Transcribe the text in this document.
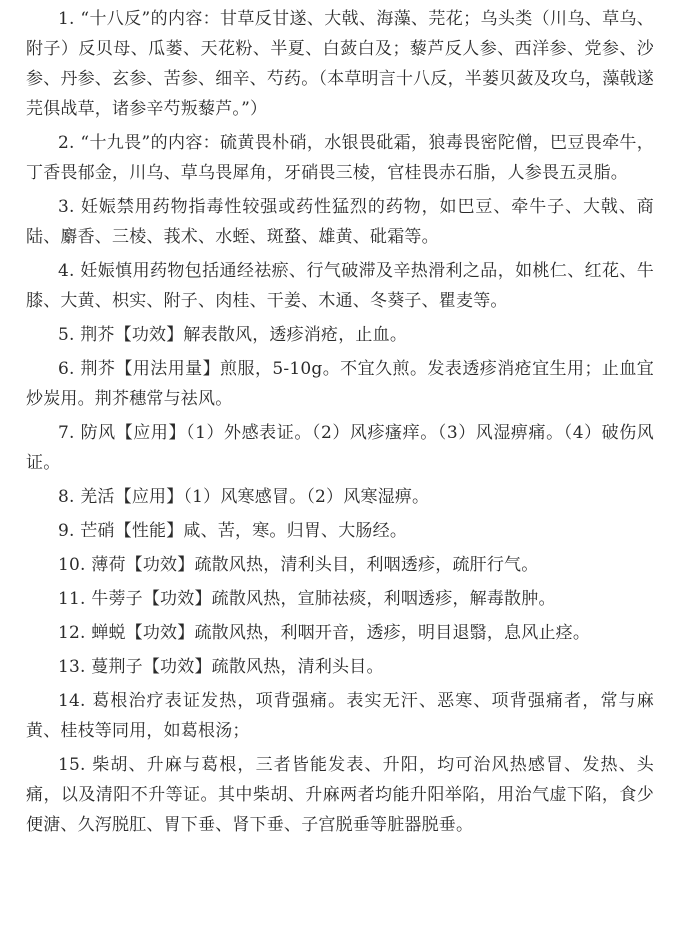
1. “十八反”的内容：甘草反甘遂、大戟、海藻、芫花；乌头类（川乌、草乌、附子）反贝母、瓜蒌、天花粉、半夏、白蔹白及；藜芦反人参、西洋参、党参、沙参、丹参、玄参、苦参、细辛、芍药。（本草明言十八反，半蒌贝蔹及攻乌，藻戟遂芫俱战草，诸参辛芍叛藜芦。”）

2. “十九畏”的内容：硫黄畏朴硝，水银畏砒霜，狼毒畏密陀僧，巴豆畏牵牛，丁香畏郁金，川乌、草乌畏犀角，牙硝畏三棱，官桂畏赤石脂，人参畏五灵脂。

3. 妊娠禁用药物指毒性较强或药性猛烈的药物，如巴豆、牵牛子、大戟、商陆、麝香、三棱、莪术、水蛭、斑蝥、雄黄、砒霜等。

4. 妊娠慎用药物包括通经祛瘀、行气破滞及辛热滑利之品，如桃仁、红花、牛膝、大黄、枳实、附子、肉桂、干姜、木通、冬葵子、瞿麦等。

5. 荆芥【功效】解表散风，透疹消疮，止血。

6. 荆芥【用法用量】煎服，5-10g。不宜久煎。发表透疹消疮宜生用；止血宜炒炭用。荆芥穗常与祛风。

7. 防风【应用】（1）外感表证。（2）风疹瘙痒。（3）风湿痹痛。（4）破伤风证。

8. 羌活【应用】（1）风寒感冒。（2）风寒湿痹。

9. 芒硝【性能】咸、苦，寒。归胃、大肠经。

10. 薄荷【功效】疏散风热，清利头目，利咽透疹，疏肝行气。

11. 牛蒡子【功效】疏散风热，宣肺祛痰，利咽透疹，解毒散肿。

12. 蝉蜕【功效】疏散风热，利咽开音，透疹，明目退翳，息风止痉。

13. 蔓荆子【功效】疏散风热，清利头目。

14. 葛根治疗表证发热，项背强痛。表实无汗、恶寒、项背强痛者，常与麻黄、桂枝等同用，如葛根汤；

15. 柴胡、升麻与葛根，三者皆能发表、升阳，均可治风热感冒、发热、头痛，以及清阳不升等证。其中柴胡、升麻两者均能升阳举陷，用治气虚下陷，食少便溏、久泻脱肛、胃下垂、肾下垂、子宫脱垂等脏器脱垂。
